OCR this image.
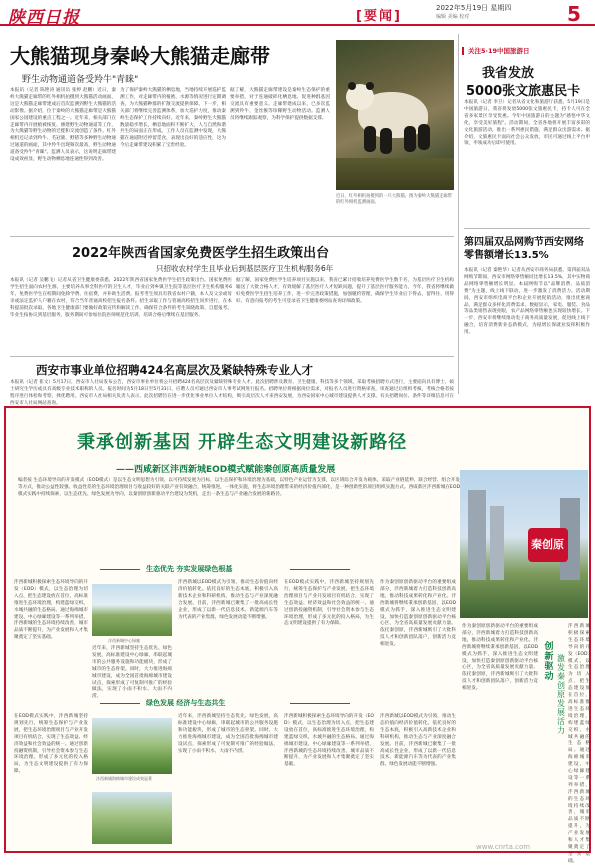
陕西日报	[要闻]
2022年5月19日 星期四
编辑 美编 校对	5
大熊猫现身秦岭大熊猫走廊带
野生动物通道备受羚牛"青睐"
本报讯（记者 陈艳涛 通讯员 张婷 赵鹏）近日，秦岭大熊猫走廊带的红外相机拍摄到大熊猫活动画面，这是大熊猫走廊带建成后首次监测到野生大熊猫的活动影像。据介绍，位于秦岭的大熊猫走廊带是大熊猫国家公园建设的重点工程之一。近年来，相关部门在走廊带内开展植被恢复、修建野生动物通道等工作，为大熊猫等野生动物的迁徙和交流创造了条件。红外相机还记录到羚牛、毛冠鹿、野猪等多种野生动物通过通道的画面，其中羚牛出现频次最高，野生动物通道备受羚牛"青睐"。监测人员表示，这说明走廊带建设成效初显，野生动物栖息地连通性得到改善。
为了保护秦岭大熊猫的栖息地，当地持续开展巡护监测工作，对走廊带内的植被、水源等情况进行定期调查，为大熊猫种群的扩散交流提供保障。下一步，相关部门将继续完善监测体系，加大巡护力度，推动秦岭生态保护工作持续向好。近年来，秦岭野生大熊猫数量稳步增长，栖息地面积不断扩大，人与自然和谐共生的局面正在形成。工作人员在监测中发现，大熊猫在通道附近停留觅食，表现出良好的适应性，这为今后走廊带建设积累了宝贵经验。
据了解，大熊猫走廊带建设是秦岭生态保护的重要举措，对于连通破碎化栖息地、促进种群基因交流具有重要意义。走廊带建成以来，已多次监测到羚牛、金丝猴等珍稀野生动物活动。监测人员将继续跟踪观察，为科学保护提供数据支撑。
近日，红外相机拍摄到的一只大熊猫。图为秦岭大熊猫走廊带的红外相机监测画面。
关注5·19中国旅游日
我省发放
5000张文旅惠民卡
本报讯（记者 李卫）记者从省文化和旅游厅获悉，5月19日是中国旅游日，我省将发放5000张文旅惠民卡，持卡人可在全省多家景区享受优惠。今年中国旅游日的主题为"感悟中华文化，享受美好旅程"。活动期间，全省各地将开展丰富多彩的文化旅游活动，推出一系列惠民措施，满足群众出游需求。据介绍，文旅惠民卡面向社会公众发放，市民可通过线上平台申领，申领成功后即可使用。
第四届双品网购节西安网络零售额增长13.5%
本报讯（记者 秦艳华）记者从西安市商务局获悉，第四届双品网购节期间，西安市网络零售额同比增长13.5%，其中实物商品网络零售额增长明显。本届网购节以"品牌消费、品质消费"为主题，线上线下联动，进一步激发了消费活力。活动期间，西安市组织电商平台和企业开展促销活动，推出优惠商品，满足群众多样化消费需求。数据显示，家电、服装、食品等品类销售表现亮眼，农产品网络零售额也实现较快增长。下一步，西安市将继续推动电子商务高质量发展，促进线上线下融合，培育消费新业态新模式，为稳增长保就业发挥积极作用。
2022年陕西省国家免费医学生招生政策出台
只招收农村学生且毕业后到基层医疗卫生机构服务6年
本报讯（记者 吴鹏飞）记者从省卫生健康委获悉，2022年陕西省国家免费医学生招生政策出台。国家免费医学生招生面向农村生源，主要培养从事全科医疗的卫生人才，毕业后到乡镇卫生院等基层医疗卫生机构服务6年。免费医学生在校期间免除学费、住宿费，并补助生活费。报考考生须具有我省农村户籍，本人及父亲或母亲或法定监护人户籍在农村，符合当年普通高校招生报名条件。招生录取工作与普通高校招生同步进行，在本科提前批次录取。各地卫生健康部门要做好政策宣传和解读工作，确保符合条件的考生知晓政策、自愿报考。毕业生按协议到基层服务，服务期间可参加住院医师规范化培训，培训合格后继续在基层服务。
据了解，国家免费医学生培养项目实施以来，我省已累计招收培养免费医学生数千名，为基层医疗卫生机构输送了大批合格人才，有效缓解了基层医疗人才短缺问题，提升了基层医疗服务能力。今年，我省将继续做好免费医学生招生培养工作，进一步完善政策措施，加强履约管理，确保学生毕业后下得去、留得住、用得好。有意向报考的考生可登录省卫生健康委网站查询详细政策。
西安市事业单位招聘424名高层次及紧缺特殊专业人才
本报讯（记者 崔文）5月17日，西安市人社局发布公告，西安市事业单位将公开招聘424名高层次及紧缺特殊专业人才。此次招聘涉及教育、卫生健康、科技等多个领域，采取考核招聘方式进行，主要面向具有博士、硕士研究生学历或具有高级专业技术职称的人员。报名时间为5月18日至5月31日，应聘人员可通过西安市人事考试网进行报名。招聘单位将根据岗位需求，对报名人员进行资格审查，审查通过后组织考核，考核合格者按程序进行体检和考察，择优聘用。西安市人社局相关负责人表示，此次招聘旨在进一步优化事业单位人才结构，吸引高层次人才来西安发展，为西安国家中心城市建设提供人才支撑。有关招聘岗位、条件等详细信息可在西安市人社局网站查询。
秉承创新基因 开辟生态文明建设新路径
——西咸新区沣西新城EOD模式赋能秦创原高质量发展
编者按 生态环境导向的开发模式（EOD模式）是以生态文明思想为引领，以可持续发展为目标，以生态保护和环境治理为基础，以特色产业运营为支撑，以区域综合开发为载体，采取产业链延伸、联合经营、组合开发等方式，推动公益性较强、收益性差的生态环境治理项目与收益较好的关联产业有效融合，统筹推进，一体化实施，将生态环境治理带来的经济价值内部化，是一种创新性的项目组织实施方式。西咸新区沣西新城在EOD模式实践中持续探索，以生态优先、绿色发展为导向，以秦创原创新驱动平台建设为契机，走出一条生态与产业融合发展的新路径。
秦创原
生态优先 夯实发展绿色根基
沣西新城积极探索生态环境导向的开发（EOD）模式，以生态治理为切入点，把生态建设放在首位，高标准推进生态环境治理，构建蓝绿交织、水城共融的生态格局。通过海绵城市建设、中心绿廊建设等一系列举措，沣西新城的生态环境持续改善，城市品质不断提升，为产业发展和人才集聚奠定了坚实基础。
沣西新城中心绿廊
近年来，沣西新城坚持生态优先、绿色发展，高标准建设中心绿廊，串联起城市的公共服务设施和功能板块，形成了城市的生态骨架。同时，大力推进海绵城市建设，成为全国首批海绵城市建设试点，探索形成了可复制可推广的经验做法，实现了小雨不积水、大雨不内涝。
沣西新城以EOD模式为引领，推动生态价值向经济价值转化。依托良好的生态本底，积极引入高新技术企业和科研机构，推动生态与产业深度融合发展。目前，沣西新城已聚集了一批高成长性企业，形成了以新一代信息技术、新能源汽车等为代表的产业集群，绿色发展动能不断增强。
在EOD模式实践中，沣西新城坚持规划先行，统筹生态保护与产业发展，把生态环境治理项目与产业开发项目有机结合，实现了生态效益、经济效益和社会效益的统一。通过创新投融资机制，引导社会资本参与生态环境治理，形成了多元化的投入格局，为生态文明建设提供了有力保障。
作为秦创原创新驱动平台的重要组成部分，沣西新城着力打造科技创新高地，推动科技成果转化和产业化。沣西新城将继续秉承创新基因，以EOD模式为抓手，深入推进生态文明建设，加快打造秦创原创新驱动平台核心区，为全省高质量发展贡献力量。依托秦创原，沣西新城吸引了大批科技人才和创新团队落户，创新活力竞相迸发。
绿色发展 经济与生态共生
在EOD模式实践中，沣西新城坚持规划先行，统筹生态保护与产业发展，把生态环境治理项目与产业开发项目有机结合，实现了生态效益、经济效益和社会效益的统一。通过创新投融资机制，引导社会资本参与生态环境治理，形成了多元化的投入格局，为生态文明建设提供了有力保障。
沣西新城海绵城市建设成效显著
近年来，沣西新城坚持生态优先、绿色发展，高标准建设中心绿廊，串联起城市的公共服务设施和功能板块，形成了城市的生态骨架。同时，大力推进海绵城市建设，成为全国首批海绵城市建设试点，探索形成了可复制可推广的经验做法，实现了小雨不积水、大雨不内涝。
沣西新城积极探索生态环境导向的开发（EOD）模式，以生态治理为切入点，把生态建设放在首位，高标准推进生态环境治理，构建蓝绿交织、水城共融的生态格局。通过海绵城市建设、中心绿廊建设等一系列举措，沣西新城的生态环境持续改善，城市品质不断提升，为产业发展和人才集聚奠定了坚实基础。
沣西新城以EOD模式为引领，推动生态价值向经济价值转化。依托良好的生态本底，积极引入高新技术企业和科研机构，推动生态与产业深度融合发展。目前，沣西新城已聚集了一批高成长性企业，形成了以新一代信息技术、新能源汽车等为代表的产业集群，绿色发展动能不断增强。
作为秦创原创新驱动平台的重要组成部分，沣西新城着力打造科技创新高地，推动科技成果转化和产业化。沣西新城将继续秉承创新基因，以EOD模式为抓手，深入推进生态文明建设，加快打造秦创原创新驱动平台核心区，为全省高质量发展贡献力量。依托秦创原，沣西新城吸引了大批科技人才和创新团队落户，创新活力竞相迸发。
创新驱动
激发秦创原发展活力
沣西新城积极探索生态环境导向的开发（EOD）模式，以生态治理为切入点，把生态建设放在首位，高标准推进生态环境治理，构建蓝绿交织、水城共融的生态格局。通过海绵城市建设、中心绿廊建设等一系列举措，沣西新城的生态环境持续改善，城市品质不断提升，为产业发展和人才集聚奠定了坚实基础。
www.cnrta.com
